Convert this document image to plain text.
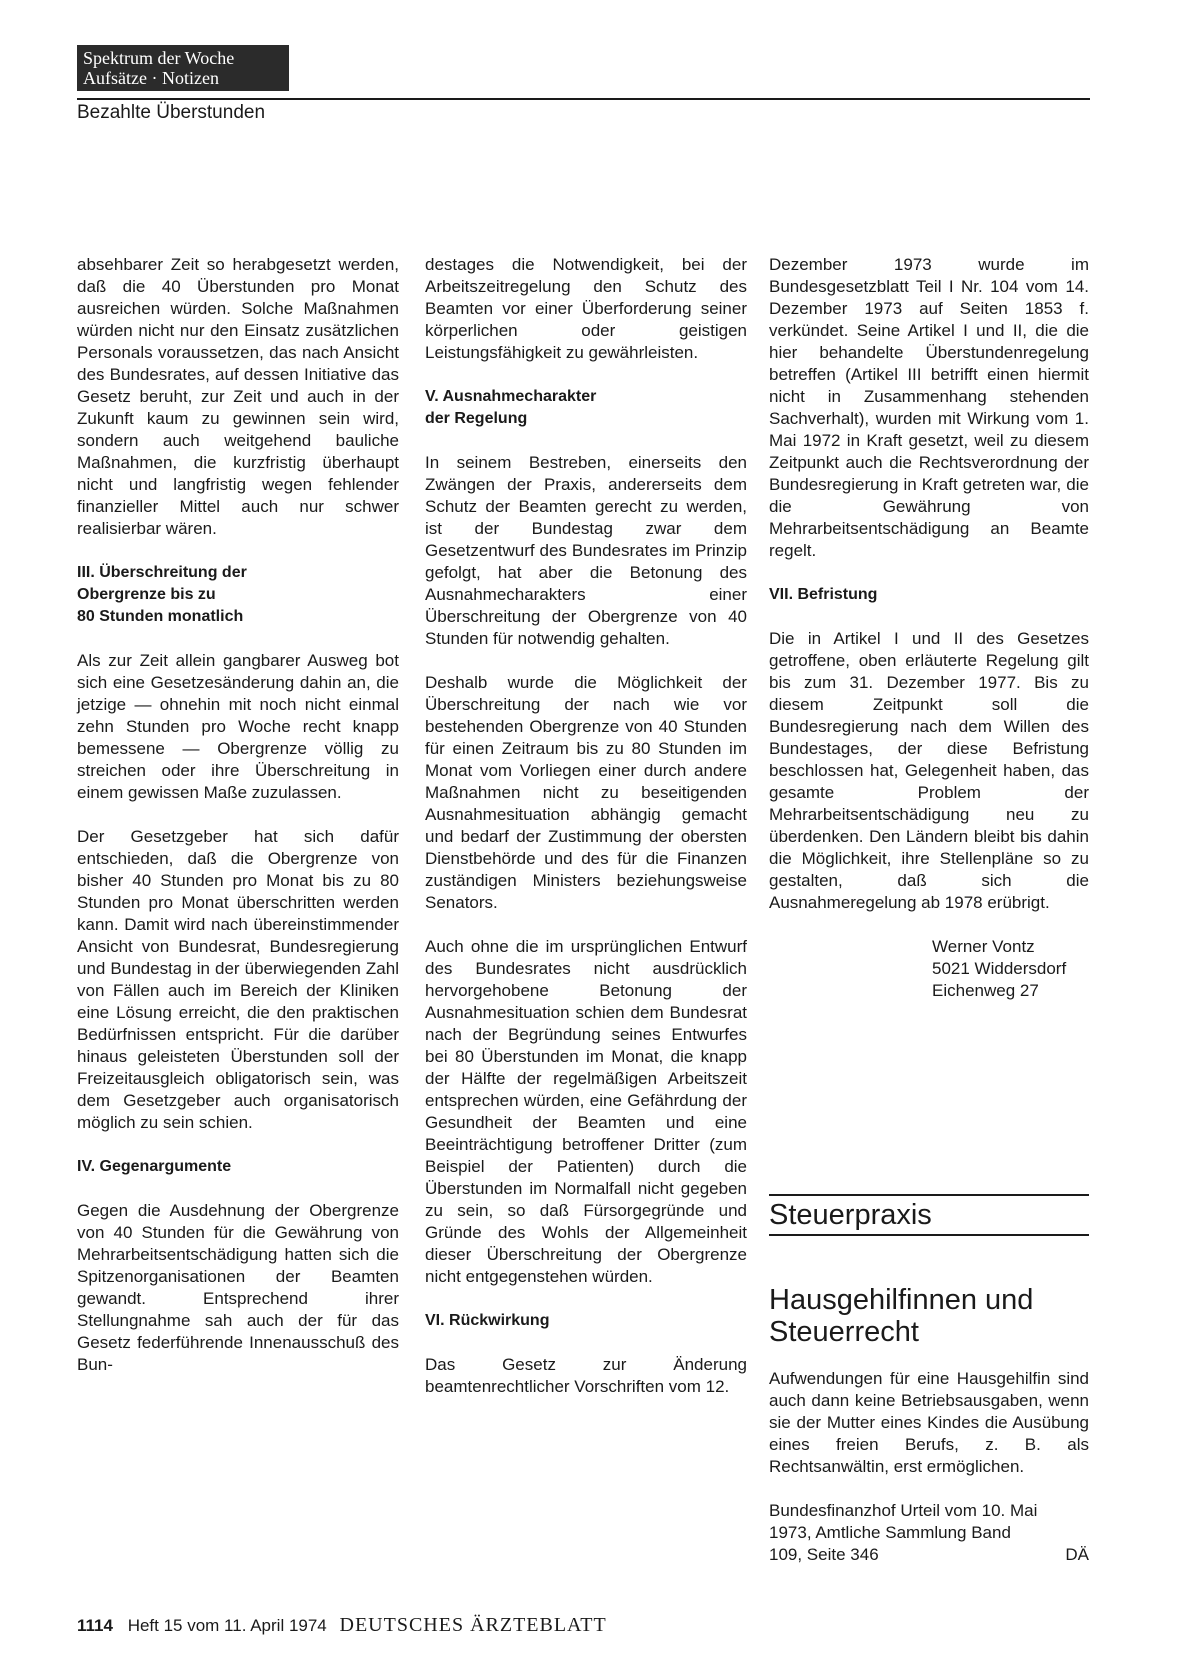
Spektrum der Woche
Aufsätze · Notizen
Bezahlte Überstunden

absehbarer Zeit so herabgesetzt werden, daß die 40 Überstunden pro Monat ausreichen würden. Solche Maßnahmen würden nicht nur den Einsatz zusätzlichen Personals voraussetzen, das nach Ansicht des Bundesrates, auf dessen Initiative das Gesetz beruht, zur Zeit und auch in der Zukunft kaum zu gewinnen sein wird, sondern auch weitgehend bauliche Maßnahmen, die kurzfristig überhaupt nicht und langfristig wegen fehlender finanzieller Mittel auch nur schwer realisierbar wären.

III. Überschreitung der
Obergrenze bis zu
80 Stunden monatlich

Als zur Zeit allein gangbarer Ausweg bot sich eine Gesetzesänderung dahin an, die jetzige — ohnehin mit noch nicht einmal zehn Stunden pro Woche recht knapp bemessene — Obergrenze völlig zu streichen oder ihre Überschreitung in einem gewissen Maße zuzulassen.

Der Gesetzgeber hat sich dafür entschieden, daß die Obergrenze von bisher 40 Stunden pro Monat bis zu 80 Stunden pro Monat überschritten werden kann. Damit wird nach übereinstimmender Ansicht von Bundesrat, Bundesregierung und Bundestag in der überwiegenden Zahl von Fällen auch im Bereich der Kliniken eine Lösung erreicht, die den praktischen Bedürfnissen entspricht. Für die darüber hinaus geleisteten Überstunden soll der Freizeitausgleich obligatorisch sein, was dem Gesetzgeber auch organisatorisch möglich zu sein schien.

IV. Gegenargumente

Gegen die Ausdehnung der Obergrenze von 40 Stunden für die Gewährung von Mehrarbeitsentschädigung hatten sich die Spitzenorganisationen der Beamten gewandt. Entsprechend ihrer Stellungnahme sah auch der für das Gesetz federführende Innenausschuß des Bun-

destages die Notwendigkeit, bei der Arbeitszeitregelung den Schutz des Beamten vor einer Überforderung seiner körperlichen oder geistigen Leistungsfähigkeit zu gewährleisten.

V. Ausnahmecharakter
der Regelung

In seinem Bestreben, einerseits den Zwängen der Praxis, andererseits dem Schutz der Beamten gerecht zu werden, ist der Bundestag zwar dem Gesetzentwurf des Bundesrates im Prinzip gefolgt, hat aber die Betonung des Ausnahmecharakters einer Überschreitung der Obergrenze von 40 Stunden für notwendig gehalten.

Deshalb wurde die Möglichkeit der Überschreitung der nach wie vor bestehenden Obergrenze von 40 Stunden für einen Zeitraum bis zu 80 Stunden im Monat vom Vorliegen einer durch andere Maßnahmen nicht zu beseitigenden Ausnahmesituation abhängig gemacht und bedarf der Zustimmung der obersten Dienstbehörde und des für die Finanzen zuständigen Ministers beziehungsweise Senators.

Auch ohne die im ursprünglichen Entwurf des Bundesrates nicht ausdrücklich hervorgehobene Betonung der Ausnahmesituation schien dem Bundesrat nach der Begründung seines Entwurfes bei 80 Überstunden im Monat, die knapp der Hälfte der regelmäßigen Arbeitszeit entsprechen würden, eine Gefährdung der Gesundheit der Beamten und eine Beeinträchtigung betroffener Dritter (zum Beispiel der Patienten) durch die Überstunden im Normalfall nicht gegeben zu sein, so daß Fürsorgegründe und Gründe des Wohls der Allgemeinheit dieser Überschreitung der Obergrenze nicht entgegenstehen würden.

VI. Rückwirkung

Das Gesetz zur Änderung beamtenrechtlicher Vorschriften vom 12.

Dezember 1973 wurde im Bundesgesetzblatt Teil I Nr. 104 vom 14. Dezember 1973 auf Seiten 1853 f. verkündet. Seine Artikel I und II, die die hier behandelte Überstundenregelung betreffen (Artikel III betrifft einen hiermit nicht in Zusammenhang stehenden Sachverhalt), wurden mit Wirkung vom 1. Mai 1972 in Kraft gesetzt, weil zu diesem Zeitpunkt auch die Rechtsverordnung der Bundesregierung in Kraft getreten war, die die Gewährung von Mehrarbeitsentschädigung an Beamte regelt.

VII. Befristung

Die in Artikel I und II des Gesetzes getroffene, oben erläuterte Regelung gilt bis zum 31. Dezember 1977. Bis zu diesem Zeitpunkt soll die Bundesregierung nach dem Willen des Bundestages, der diese Befristung beschlossen hat, Gelegenheit haben, das gesamte Problem der Mehrarbeitsentschädigung neu zu überdenken. Den Ländern bleibt bis dahin die Möglichkeit, ihre Stellenpläne so zu gestalten, daß sich die Ausnahmeregelung ab 1978 erübrigt.

Werner Vontz
5021 Widdersdorf
Eichenweg 27
Steuerpraxis
Hausgehilfinnen und
Steuerrecht

Aufwendungen für eine Hausgehilfin sind auch dann keine Betriebsausgaben, wenn sie der Mutter eines Kindes die Ausübung eines freien Berufs, z. B. als Rechtsanwältin, erst ermöglichen.

Bundesfinanzhof Urteil vom 10. Mai
1973, Amtliche Sammlung Band
109, Seite 346	DÄ
1114 Heft 15 vom 11. April 1974 DEUTSCHES ÄRZTEBLATT
